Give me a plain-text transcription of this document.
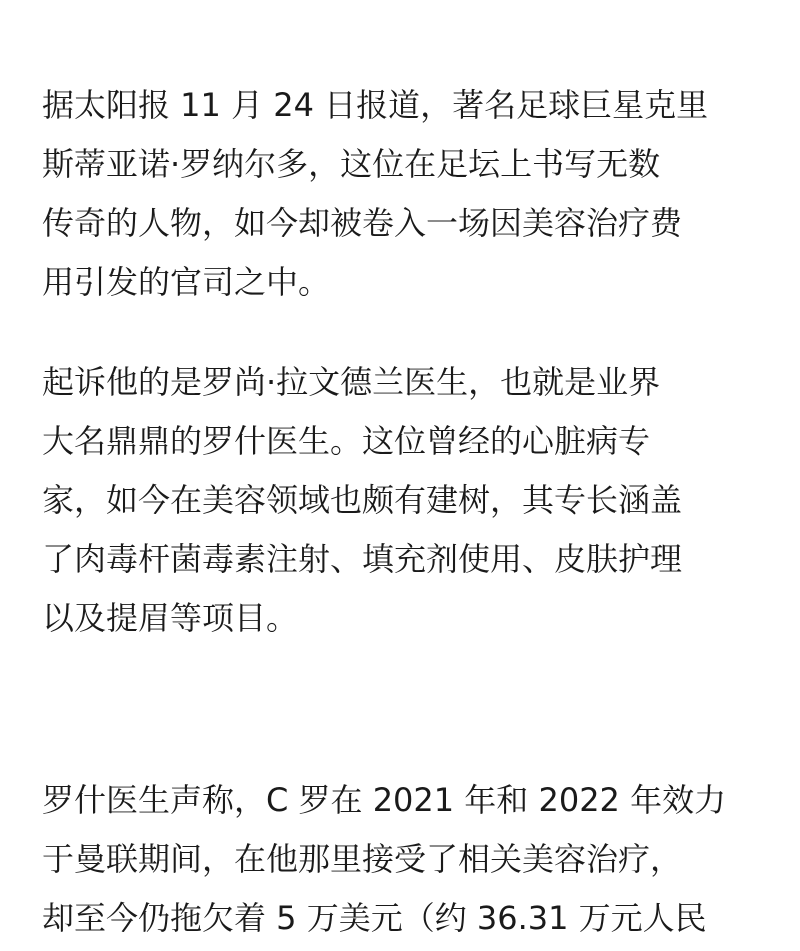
据太阳报 11 月 24 日报道，著名足球巨星克里
斯蒂亚诺·罗纳尔多，这位在足坛上书写无数
传奇的人物，如今却被卷入一场因美容治疗费
用引发的官司之中。

起诉他的是罗尚·拉文德兰医生，也就是业界
大名鼎鼎的罗什医生。这位曾经的心脏病专
家，如今在美容领域也颇有建树，其专长涵盖
了肉毒杆菌毒素注射、填充剂使用、皮肤护理
以及提眉等项目。

罗什医生声称，C 罗在 2021 年和 2022 年效力
于曼联期间，在他那里接受了相关美容治疗，
却至今仍拖欠着 5 万美元（约 36.31 万元人民
